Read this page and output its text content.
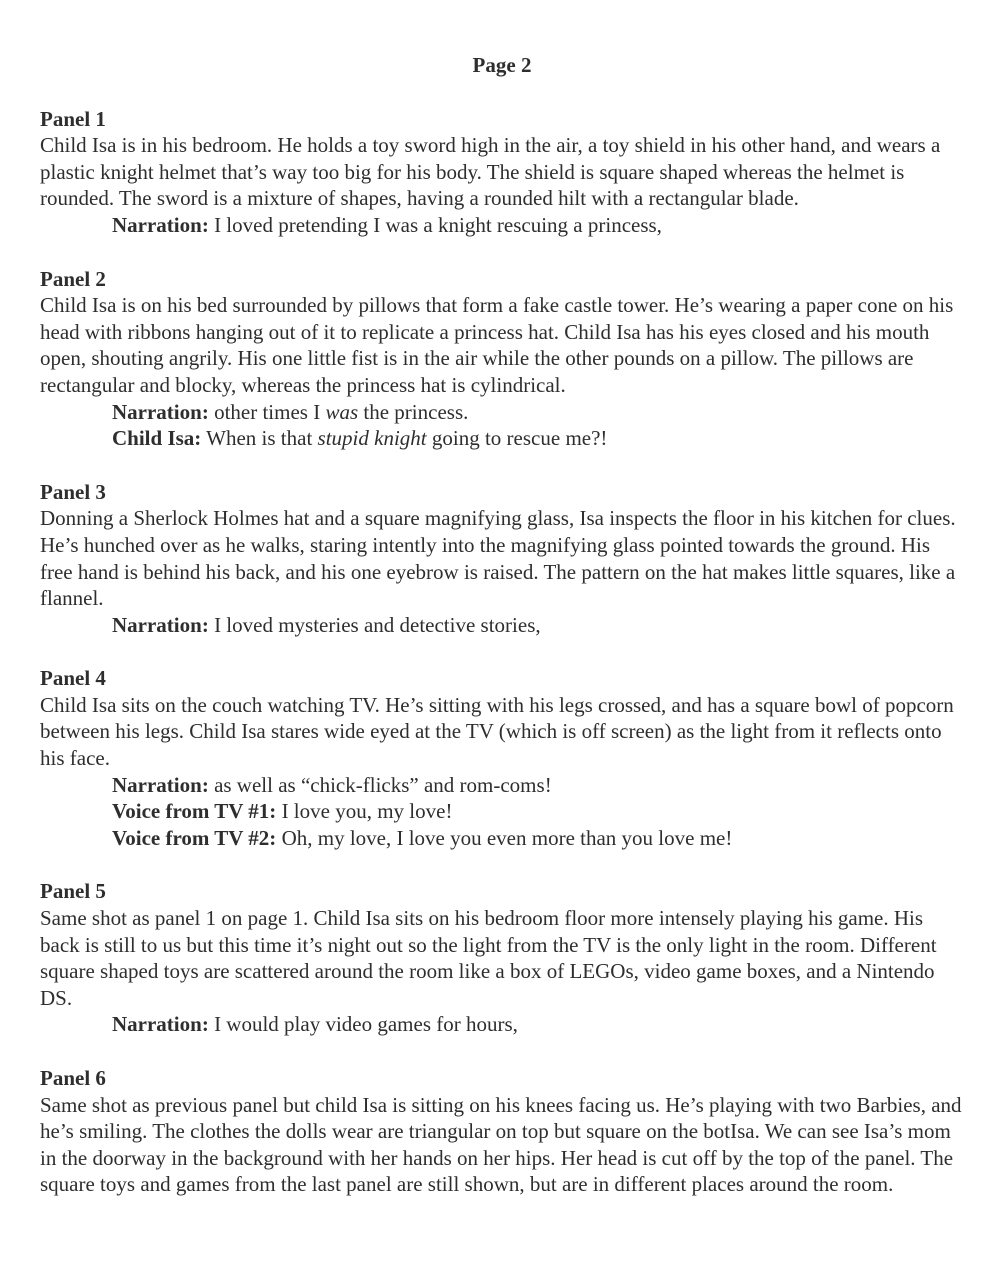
Page 2

Panel 1

Child Isa is in his bedroom. He holds a toy sword high in the air, a toy shield in his other hand, and wears a plastic knight helmet that’s way too big for his body. The shield is square shaped whereas the helmet is rounded. The sword is a mixture of shapes, having a rounded hilt with a rectangular blade.

Narration: I loved pretending I was a knight rescuing a princess,

Panel 2

Child Isa is on his bed surrounded by pillows that form a fake castle tower. He’s wearing a paper cone on his head with ribbons hanging out of it to replicate a princess hat. Child Isa has his eyes closed and his mouth open, shouting angrily. His one little fist is in the air while the other pounds on a pillow. The pillows are rectangular and blocky, whereas the princess hat is cylindrical.

Narration: other times I was the princess.

Child Isa: When is that stupid knight going to rescue me?!

Panel 3

Donning a Sherlock Holmes hat and a square magnifying glass, Isa inspects the floor in his kitchen for clues. He’s hunched over as he walks, staring intently into the magnifying glass pointed towards the ground. His free hand is behind his back, and his one eyebrow is raised. The pattern on the hat makes little squares, like a flannel.

Narration: I loved mysteries and detective stories,

Panel 4

Child Isa sits on the couch watching TV. He’s sitting with his legs crossed, and has a square bowl of popcorn between his legs. Child Isa stares wide eyed at the TV (which is off screen) as the light from it reflects onto his face.

Narration: as well as “chick-flicks” and rom-coms!

Voice from TV #1: I love you, my love!

Voice from TV #2: Oh, my love, I love you even more than you love me!

Panel 5

Same shot as panel 1 on page 1. Child Isa sits on his bedroom floor more intensely playing his game. His back is still to us but this time it’s night out so the light from the TV is the only light in the room. Different square shaped toys are scattered around the room like a box of LEGOs, video game boxes, and a Nintendo DS.

Narration: I would play video games for hours,

Panel 6

Same shot as previous panel but child Isa is sitting on his knees facing us. He’s playing with two Barbies, and he’s smiling. The clothes the dolls wear are triangular on top but square on the botIsa. We can see Isa’s mom in the doorway in the background with her hands on her hips. Her head is cut off by the top of the panel. The square toys and games from the last panel are still shown, but are in different places around the room.
